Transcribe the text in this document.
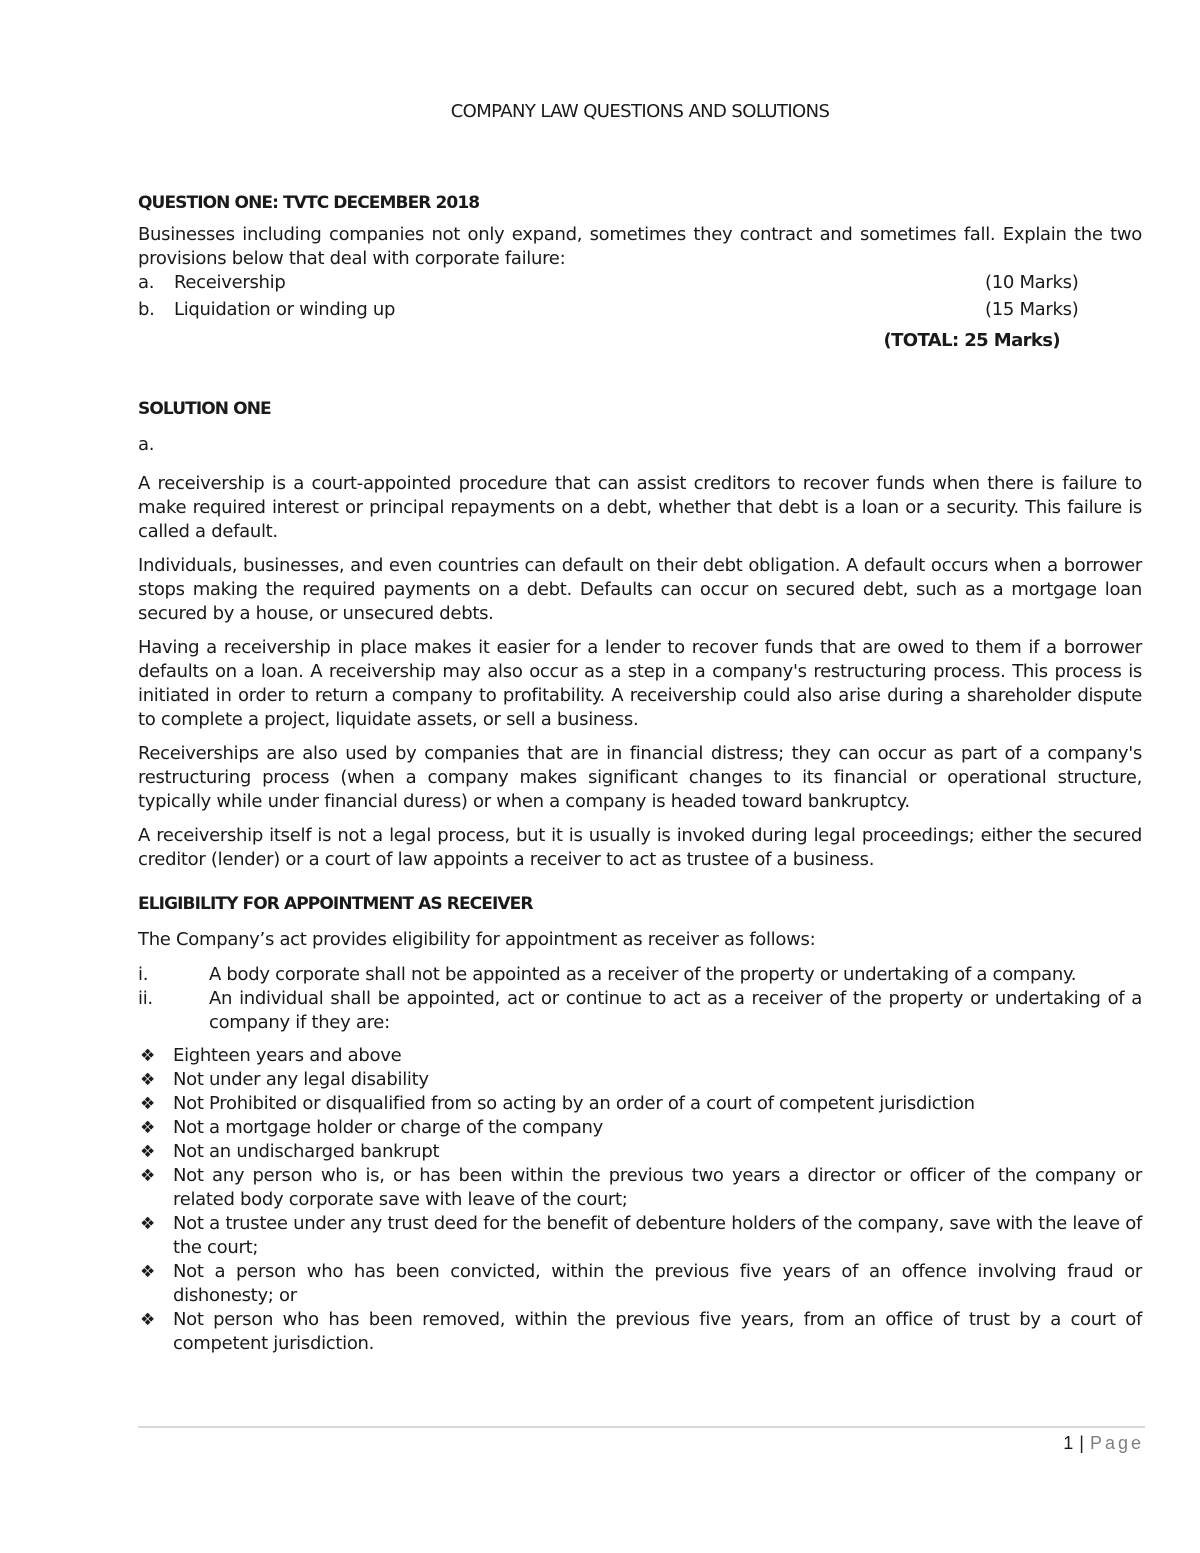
COMPANY LAW QUESTIONS AND SOLUTIONS

QUESTION ONE: TVTC DECEMBER 2018

Businesses including companies not only expand, sometimes they contract and sometimes fall. Explain the two provisions below that deal with corporate failure:

a. Receivership	(10 Marks)
b. Liquidation or winding up	(15 Marks)

(TOTAL: 25 Marks)

SOLUTION ONE

a.

A receivership is a court-appointed procedure that can assist creditors to recover funds when there is failure to make required interest or principal repayments on a debt, whether that debt is a loan or a security. This failure is called a default.

Individuals, businesses, and even countries can default on their debt obligation. A default occurs when a borrower stops making the required payments on a debt. Defaults can occur on secured debt, such as a mortgage loan secured by a house, or unsecured debts.

Having a receivership in place makes it easier for a lender to recover funds that are owed to them if a borrower defaults on a loan. A receivership may also occur as a step in a company's restructuring process. This process is initiated in order to return a company to profitability. A receivership could also arise during a shareholder dispute to complete a project, liquidate assets, or sell a business.

Receiverships are also used by companies that are in financial distress; they can occur as part of a company's restructuring process (when a company makes significant changes to its financial or operational structure, typically while under financial duress) or when a company is headed toward bankruptcy.

A receivership itself is not a legal process, but it is usually is invoked during legal proceedings; either the secured creditor (lender) or a court of law appoints a receiver to act as trustee of a business.

ELIGIBILITY FOR APPOINTMENT AS RECEIVER

The Company’s act provides eligibility for appointment as receiver as follows:

i.	A body corporate shall not be appointed as a receiver of the property or undertaking of a company.
ii.	An individual shall be appointed, act or continue to act as a receiver of the property or undertaking of a company if they are:
❖ Eighteen years and above
❖ Not under any legal disability
❖ Not Prohibited or disqualified from so acting by an order of a court of competent jurisdiction
❖ Not a mortgage holder or charge of the company
❖ Not an undischarged bankrupt
❖ Not any person who is, or has been within the previous two years a director or officer of the company or related body corporate save with leave of the court;
❖ Not a trustee under any trust deed for the benefit of debenture holders of the company, save with the leave of the court;
❖ Not a person who has been convicted, within the previous five years of an offence involving fraud or dishonesty; or
❖ Not person who has been removed, within the previous five years, from an office of trust by a court of competent jurisdiction.
1 | Page
